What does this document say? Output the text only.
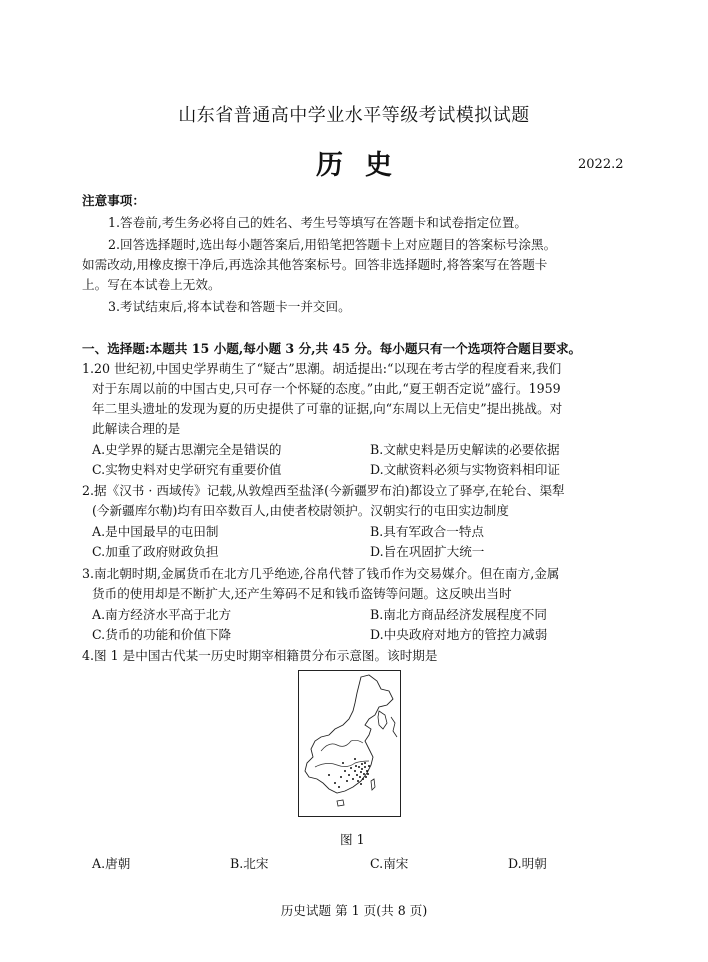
山东省普通高中学业水平等级考试模拟试题
历史	2022.2
注意事项：
1.答卷前,考生务必将自己的姓名、考生号等填写在答题卡和试卷指定位置。
2.回答选择题时,选出每小题答案后,用铅笔把答题卡上对应题目的答案标号涂黑。
如需改动,用橡皮擦干净后,再选涂其他答案标号。回答非选择题时,将答案写在答题卡
上。写在本试卷上无效。
3.考试结束后,将本试卷和答题卡一并交回。
一、选择题:本题共 15 小题,每小题 3 分,共 45 分。每小题只有一个选项符合题目要求。
1.20 世纪初,中国史学界萌生了“疑古”思潮。胡适提出:“以现在考古学的程度看来,我们
对于东周以前的中国古史,只可存一个怀疑的态度。”由此,“夏王朝否定说”盛行。1959
年二里头遗址的发现为夏的历史提供了可靠的证据,向“东周以上无信史”提出挑战。对
此解读合理的是
A.史学界的疑古思潮完全是错误的	B.文献史料是历史解读的必要依据
C.实物史料对史学研究有重要价值	D.文献资料必须与实物资料相印证
2.据《汉书 · 西域传》记载,从敦煌西至盐泽(今新疆罗布泊)都设立了驿亭,在轮台、渠犁
(今新疆库尔勒)均有田卒数百人,由使者校尉领护。汉朝实行的屯田实边制度
A.是中国最早的屯田制	B.具有军政合一特点
C.加重了政府财政负担	D.旨在巩固扩大统一
3.南北朝时期,金属货币在北方几乎绝迹,谷帛代替了钱币作为交易媒介。但在南方,金属
货币的使用却是不断扩大,还产生筹码不足和钱币盗铸等问题。这反映出当时
A.南方经济水平高于北方	B.南北方商品经济发展程度不同
C.货币的功能和价值下降	D.中央政府对地方的管控力减弱
4.图 1 是中国古代某一历史时期宰相籍贯分布示意图。该时期是
图 1
A.唐朝	B.北宋	C.南宋	D.明朝
历史试题 第 1 页(共 8 页)
